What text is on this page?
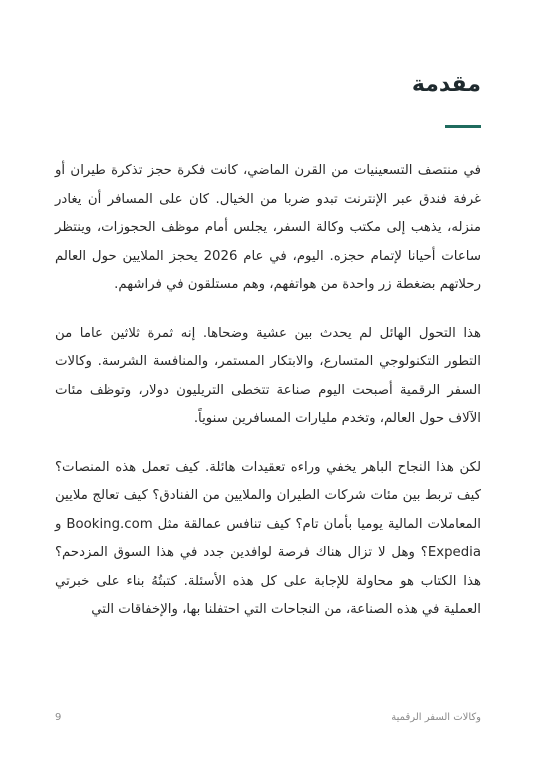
مقدمة

في منتصف التسعينيات من القرن الماضي، كانت فكرة حجز تذكرة طيران أو غرفة فندق عبر الإنترنت تبدو ضربا من الخيال. كان على المسافر أن يغادر منزله، يذهب إلى مكتب وكالة السفر، يجلس أمام موظف الحجوزات، وينتظر ساعات أحيانا لإتمام حجزه. اليوم، في عام 2026 يحجز الملايين حول العالم رحلاتهم بضغطة زر واحدة من هواتفهم، وهم مستلقون في فراشهم.

هذا التحول الهائل لم يحدث بين عشية وضحاها. إنه ثمرة ثلاثين عاما من التطور التكنولوجي المتسارع، والابتكار المستمر، والمنافسة الشرسة. وكالات السفر الرقمية أصبحت اليوم صناعة تتخطى التريليون دولار، وتوظف مئات الآلاف حول العالم، وتخدم مليارات المسافرين سنوياً.

لكن هذا النجاح الباهر يخفي وراءه تعقيدات هائلة. كيف تعمل هذه المنصات؟ كيف تربط بين مئات شركات الطيران والملايين من الفنادق؟ كيف تعالج ملايين المعاملات المالية يوميا بأمان تام؟ كيف تنافس عمالقة مثل Booking.com و Expedia؟ وهل لا تزال هناك فرصة لوافدين جدد في هذا السوق المزدحم؟ هذا الكتاب هو محاولة للإجابة على كل هذه الأسئلة. كتبتُهُ بناء على خبرتي العملية في هذه الصناعة، من النجاحات التي احتفلنا بها، والإخفاقات التي

9	وكالات السفر الرقمية
